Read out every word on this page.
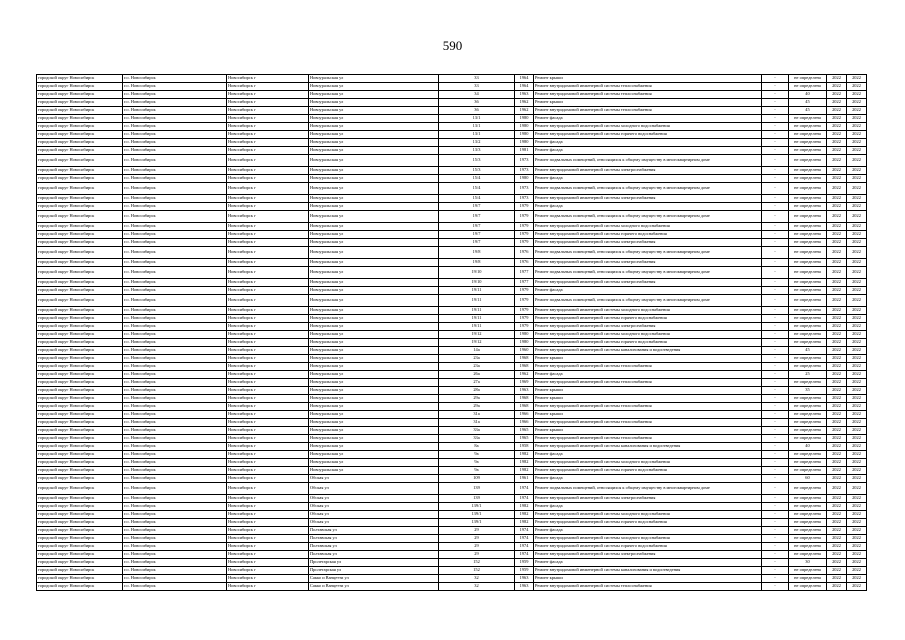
590
городской округ Новосибирск	г.о. Новосибирск	Новосибирск г	Новоуральская ул	33	1964	Ремонт крыши	-	не определена	2022	2022
городской округ Новосибирск	г.о. Новосибирск	Новосибирск г	Новоуральская ул	33	1964	Ремонт внутридомовой инженерной системы теплоснабжения	-	не определена	2022	2022
городской округ Новосибирск	г.о. Новосибирск	Новосибирск г	Новоуральская ул	34	1963	Ремонт внутридомовой инженерной системы теплоснабжения	-	40	2022	2022
городской округ Новосибирск	г.о. Новосибирск	Новосибирск г	Новоуральская ул	36	1962	Ремонт крыши	-	45	2022	2022
городской округ Новосибирск	г.о. Новосибирск	Новосибирск г	Новоуральская ул	36	1962	Ремонт внутридомовой инженерной системы теплоснабжения	-	45	2022	2022
городской округ Новосибирск	г.о. Новосибирск	Новосибирск г	Новоуральская ул	13/1	1980	Ремонт фасада	-	не определена	2022	2022
городской округ Новосибирск	г.о. Новосибирск	Новосибирск г	Новоуральская ул	13/1	1980	Ремонт внутридомовой инженерной системы холодного водоснабжения	-	не определена	2022	2022
городской округ Новосибирск	г.о. Новосибирск	Новосибирск г	Новоуральская ул	13/1	1980	Ремонт внутридомовой инженерной системы горячего водоснабжения	-	не определена	2022	2022
городской округ Новосибирск	г.о. Новосибирск	Новосибирск г	Новоуральская ул	13/2	1980	Ремонт фасада	-	не определена	2022	2022
городской округ Новосибирск	г.о. Новосибирск	Новосибирск г	Новоуральская ул	13/3	1981	Ремонт фасада	-	не определена	2022	2022
городской округ Новосибирск	г.о. Новосибирск	Новосибирск г	Новоуральская ул	15/3	1973	Ремонт подвальных помещений, относящихся к общему имуществу в многоквартирном доме	-	не определена	2022	2022
городской округ Новосибирск	г.о. Новосибирск	Новосибирск г	Новоуральская ул	15/3	1973	Ремонт внутридомовой инженерной системы электроснабжения	-	не определена	2022	2022
городской округ Новосибирск	г.о. Новосибирск	Новосибирск г	Новоуральская ул	15/4	1980	Ремонт фасада	-	не определена	2022	2022
городской округ Новосибирск	г.о. Новосибирск	Новосибирск г	Новоуральская ул	15/4	1973	Ремонт подвальных помещений, относящихся к общему имуществу в многоквартирном доме	-	не определена	2022	2022
городской округ Новосибирск	г.о. Новосибирск	Новосибирск г	Новоуральская ул	15/4	1973	Ремонт внутридомовой инженерной системы электроснабжения	-	не определена	2022	2022
городской округ Новосибирск	г.о. Новосибирск	Новосибирск г	Новоуральская ул	19/7	1979	Ремонт фасада	-	не определена	2022	2022
городской округ Новосибирск	г.о. Новосибирск	Новосибирск г	Новоуральская ул	19/7	1979	Ремонт подвальных помещений, относящихся к общему имуществу в многоквартирном доме	-	не определена	2022	2022
городской округ Новосибирск	г.о. Новосибирск	Новосибирск г	Новоуральская ул	19/7	1979	Ремонт внутридомовой инженерной системы холодного водоснабжения	-	не определена	2022	2022
городской округ Новосибирск	г.о. Новосибирск	Новосибирск г	Новоуральская ул	19/7	1979	Ремонт внутридомовой инженерной системы горячего водоснабжения	-	не определена	2022	2022
городской округ Новосибирск	г.о. Новосибирск	Новосибирск г	Новоуральская ул	19/7	1979	Ремонт внутридомовой инженерной системы электроснабжения	-	не определена	2022	2022
городской округ Новосибирск	г.о. Новосибирск	Новосибирск г	Новоуральская ул	19/8	1976	Ремонт подвальных помещений, относящихся к общему имуществу в многоквартирном доме	-	не определена	2022	2022
городской округ Новосибирск	г.о. Новосибирск	Новосибирск г	Новоуральская ул	19/8	1976	Ремонт внутридомовой инженерной системы электроснабжения	-	не определена	2022	2022
городской округ Новосибирск	г.о. Новосибирск	Новосибирск г	Новоуральская ул	19/10	1977	Ремонт подвальных помещений, относящихся к общему имуществу в многоквартирном доме	-	не определена	2022	2022
городской округ Новосибирск	г.о. Новосибирск	Новосибирск г	Новоуральская ул	19/10	1977	Ремонт внутридомовой инженерной системы электроснабжения	-	не определена	2022	2022
городской округ Новосибирск	г.о. Новосибирск	Новосибирск г	Новоуральская ул	19/11	1979	Ремонт фасада	-	не определена	2022	2022
городской округ Новосибирск	г.о. Новосибирск	Новосибирск г	Новоуральская ул	19/11	1979	Ремонт подвальных помещений, относящихся к общему имуществу в многоквартирном доме	-	не определена	2022	2022
городской округ Новосибирск	г.о. Новосибирск	Новосибирск г	Новоуральская ул	19/11	1979	Ремонт внутридомовой инженерной системы холодного водоснабжения	-	не определена	2022	2022
городской округ Новосибирск	г.о. Новосибирск	Новосибирск г	Новоуральская ул	19/11	1979	Ремонт внутридомовой инженерной системы горячего водоснабжения	-	не определена	2022	2022
городской округ Новосибирск	г.о. Новосибирск	Новосибирск г	Новоуральская ул	19/11	1979	Ремонт внутридомовой инженерной системы электроснабжения	-	не определена	2022	2022
городской округ Новосибирск	г.о. Новосибирск	Новосибирск г	Новоуральская ул	19/12	1980	Ремонт внутридомовой инженерной системы холодного водоснабжения	-	не определена	2022	2022
городской округ Новосибирск	г.о. Новосибирск	Новосибирск г	Новоуральская ул	19/12	1980	Ремонт внутридомовой инженерной системы горячего водоснабжения	-	не определена	2022	2022
городской округ Новосибирск	г.о. Новосибирск	Новосибирск г	Новоуральская ул	14а	1960	Ремонт внутридомовой инженерной системы канализования и водоотведения	-	45	2022	2022
городской округ Новосибирск	г.о. Новосибирск	Новосибирск г	Новоуральская ул	23а	1968	Ремонт крыши	-	не определена	2022	2022
городской округ Новосибирск	г.о. Новосибирск	Новосибирск г	Новоуральская ул	23а	1968	Ремонт внутридомовой инженерной системы теплоснабжения	-	не определена	2022	2022
городской округ Новосибирск	г.о. Новосибирск	Новосибирск г	Новоуральская ул	26а	1962	Ремонт фасада	-	25	2022	2022
городской округ Новосибирск	г.о. Новосибирск	Новосибирск г	Новоуральская ул	27а	1969	Ремонт внутридомовой инженерной системы теплоснабжения	-	не определена	2022	2022
городской округ Новосибирск	г.о. Новосибирск	Новосибирск г	Новоуральская ул	28а	1963	Ремонт крыши	-	35	2022	2022
городской округ Новосибирск	г.о. Новосибирск	Новосибирск г	Новоуральская ул	29а	1968	Ремонт крыши	-	не определена	2022	2022
городской округ Новосибирск	г.о. Новосибирск	Новосибирск г	Новоуральская ул	29а	1968	Ремонт внутридомовой инженерной системы теплоснабжения	-	не определена	2022	2022
городской округ Новосибирск	г.о. Новосибирск	Новосибирск г	Новоуральская ул	31а	1966	Ремонт крыши	-	не определена	2022	2022
городской округ Новосибирск	г.о. Новосибирск	Новосибирск г	Новоуральская ул	31а	1966	Ремонт внутридомовой инженерной системы теплоснабжения	-	не определена	2022	2022
городской округ Новосибирск	г.о. Новосибирск	Новосибирск г	Новоуральская ул	33а	1965	Ремонт крыши	-	не определена	2022	2022
городской округ Новосибирск	г.о. Новосибирск	Новосибирск г	Новоуральская ул	33а	1965	Ремонт внутридомовой инженерной системы теплоснабжения	-	не определена	2022	2022
городской округ Новосибирск	г.о. Новосибирск	Новосибирск г	Новоуральская ул	8а	1958	Ремонт внутридомовой инженерной системы канализования и водоотведения	-	40	2022	2022
городской округ Новосибирск	г.о. Новосибирск	Новосибирск г	Новоуральская ул	9а	1982	Ремонт фасада	-	не определена	2022	2022
городской округ Новосибирск	г.о. Новосибирск	Новосибирск г	Новоуральская ул	9а	1982	Ремонт внутридомовой инженерной системы холодного водоснабжения	-	не определена	2022	2022
городской округ Новосибирск	г.о. Новосибирск	Новосибирск г	Новоуральская ул	9а	1982	Ремонт внутридомовой инженерной системы горячего водоснабжения	-	не определена	2022	2022
городской округ Новосибирск	г.о. Новосибирск	Новосибирск г	Обская ул	109	1961	Ремонт фасада	-	60	2022	2022
городской округ Новосибирск	г.о. Новосибирск	Новосибирск г	Обская ул	139	1974	Ремонт подвальных помещений, относящихся к общему имуществу в многоквартирном доме	-	не определена	2022	2022
городской округ Новосибирск	г.о. Новосибирск	Новосибирск г	Обская ул	139	1974	Ремонт внутридомовой инженерной системы электроснабжения	-	не определена	2022	2022
городской округ Новосибирск	г.о. Новосибирск	Новосибирск г	Обская ул	139/1	1982	Ремонт фасада	-	не определена	2022	2022
городской округ Новосибирск	г.о. Новосибирск	Новосибирск г	Обская ул	139/1	1982	Ремонт внутридомовой инженерной системы холодного водоснабжения	-	не определена	2022	2022
городской округ Новосибирск	г.о. Новосибирск	Новосибирск г	Обская ул	139/1	1982	Ремонт внутридомовой инженерной системы горячего водоснабжения	-	не определена	2022	2022
городской округ Новосибирск	г.о. Новосибирск	Новосибирск г	Полтавская ул	29	1974	Ремонт фасада	-	не определена	2022	2022
городской округ Новосибирск	г.о. Новосибирск	Новосибирск г	Полтавская ул	29	1974	Ремонт внутридомовой инженерной системы холодного водоснабжения	-	не определена	2022	2022
городской округ Новосибирск	г.о. Новосибирск	Новосибирск г	Полтавская ул	29	1974	Ремонт внутридомовой инженерной системы горячего водоснабжения	-	не определена	2022	2022
городской округ Новосибирск	г.о. Новосибирск	Новосибирск г	Полтавская ул	29	1974	Ремонт внутридомовой инженерной системы электроснабжения	-	не определена	2022	2022
городской округ Новосибирск	г.о. Новосибирск	Новосибирск г	Пролетарская ул	152	1959	Ремонт фасада	-	30	2022	2022
городской округ Новосибирск	г.о. Новосибирск	Новосибирск г	Пролетарская ул	152	1959	Ремонт внутридомовой инженерной системы канализования и водоотведения	-	не определена	2022	2022
городской округ Новосибирск	г.о. Новосибирск	Новосибирск г	Сакко и Ванцетти ул	32	1963	Ремонт крыши	-	не определена	2022	2022
городской округ Новосибирск	г.о. Новосибирск	Новосибирск г	Сакко и Ванцетти ул	32	1963	Ремонт внутридомовой инженерной системы теплоснабжения	-	не определена	2022	2022
